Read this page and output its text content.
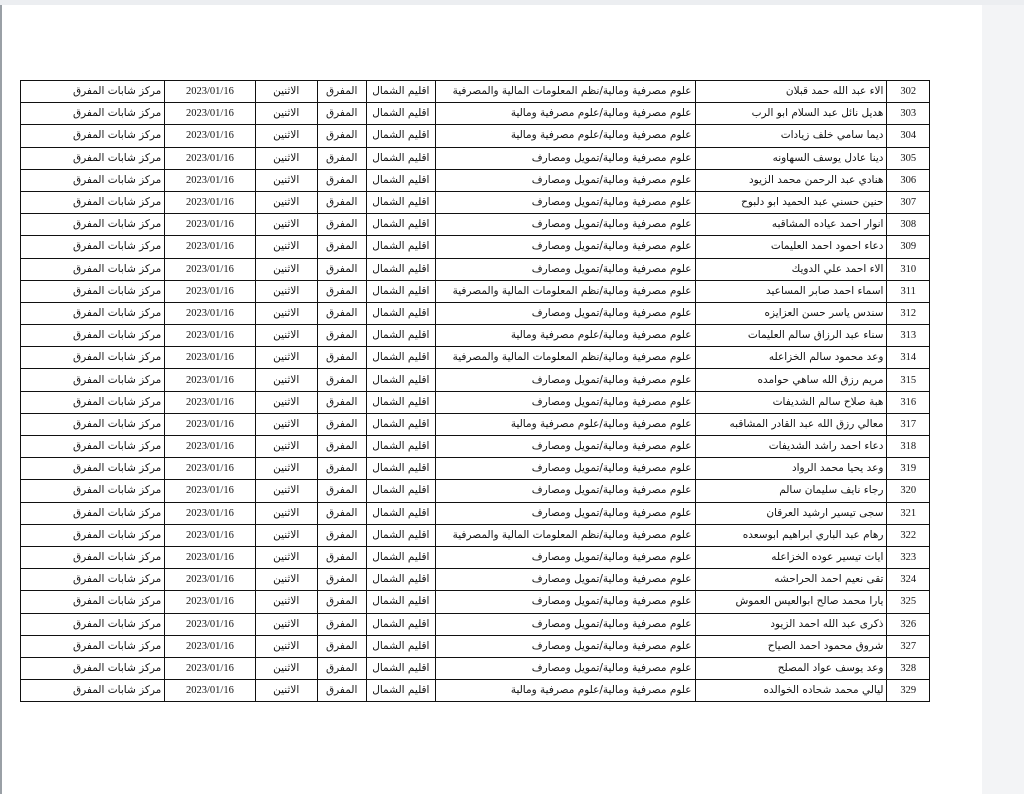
302	الاء عبد الله حمد قبلان	علوم مصرفية ومالية/نظم المعلومات المالية والمصرفية	اقليم الشمال	المفرق	الاثنين	2023/01/16	مركز شابات المفرق
303	هديل نائل عبد السلام ابو الرب	علوم مصرفية ومالية/علوم مصرفية ومالية	اقليم الشمال	المفرق	الاثنين	2023/01/16	مركز شابات المفرق
304	ديما سامي خلف زيادات	علوم مصرفية ومالية/علوم مصرفية ومالية	اقليم الشمال	المفرق	الاثنين	2023/01/16	مركز شابات المفرق
305	دينا عادل يوسف السهاونه	علوم مصرفية ومالية/تمويل ومصارف	اقليم الشمال	المفرق	الاثنين	2023/01/16	مركز شابات المفرق
306	هنادي عبد الرحمن محمد الزيود	علوم مصرفية ومالية/تمويل ومصارف	اقليم الشمال	المفرق	الاثنين	2023/01/16	مركز شابات المفرق
307	حنين حسني عبد الحميد ابو دلبوح	علوم مصرفية ومالية/تمويل ومصارف	اقليم الشمال	المفرق	الاثنين	2023/01/16	مركز شابات المفرق
308	انوار احمد عياده المشاقبه	علوم مصرفية ومالية/تمويل ومصارف	اقليم الشمال	المفرق	الاثنين	2023/01/16	مركز شابات المفرق
309	دعاء احمود احمد العليمات	علوم مصرفية ومالية/تمويل ومصارف	اقليم الشمال	المفرق	الاثنين	2023/01/16	مركز شابات المفرق
310	الاء احمد علي الدويك	علوم مصرفية ومالية/تمويل ومصارف	اقليم الشمال	المفرق	الاثنين	2023/01/16	مركز شابات المفرق
311	اسماء احمد صابر المساعيد	علوم مصرفية ومالية/نظم المعلومات المالية والمصرفية	اقليم الشمال	المفرق	الاثنين	2023/01/16	مركز شابات المفرق
312	سندس ياسر حسن العزايزه	علوم مصرفية ومالية/تمويل ومصارف	اقليم الشمال	المفرق	الاثنين	2023/01/16	مركز شابات المفرق
313	سناء عبد الرزاق سالم العليمات	علوم مصرفية ومالية/علوم مصرفية ومالية	اقليم الشمال	المفرق	الاثنين	2023/01/16	مركز شابات المفرق
314	وعد محمود سالم الخزاعله	علوم مصرفية ومالية/نظم المعلومات المالية والمصرفية	اقليم الشمال	المفرق	الاثنين	2023/01/16	مركز شابات المفرق
315	مريم رزق الله ساهي حوامده	علوم مصرفية ومالية/تمويل ومصارف	اقليم الشمال	المفرق	الاثنين	2023/01/16	مركز شابات المفرق
316	هبة صلاح سالم الشديفات	علوم مصرفية ومالية/تمويل ومصارف	اقليم الشمال	المفرق	الاثنين	2023/01/16	مركز شابات المفرق
317	معالي رزق الله عبد القادر المشاقبه	علوم مصرفية ومالية/علوم مصرفية ومالية	اقليم الشمال	المفرق	الاثنين	2023/01/16	مركز شابات المفرق
318	دعاء احمد راشد الشديفات	علوم مصرفية ومالية/تمويل ومصارف	اقليم الشمال	المفرق	الاثنين	2023/01/16	مركز شابات المفرق
319	وعد يحيا محمد الرواد	علوم مصرفية ومالية/تمويل ومصارف	اقليم الشمال	المفرق	الاثنين	2023/01/16	مركز شابات المفرق
320	رجاء نايف سليمان سالم	علوم مصرفية ومالية/تمويل ومصارف	اقليم الشمال	المفرق	الاثنين	2023/01/16	مركز شابات المفرق
321	سجى تيسير ارشيد العرقان	علوم مصرفية ومالية/تمويل ومصارف	اقليم الشمال	المفرق	الاثنين	2023/01/16	مركز شابات المفرق
322	رهام عبد الباري ابراهيم ابوسعده	علوم مصرفية ومالية/نظم المعلومات المالية والمصرفية	اقليم الشمال	المفرق	الاثنين	2023/01/16	مركز شابات المفرق
323	ايات تيسير عوده الخزاعله	علوم مصرفية ومالية/تمويل ومصارف	اقليم الشمال	المفرق	الاثنين	2023/01/16	مركز شابات المفرق
324	تقى نعيم احمد الحراحشه	علوم مصرفية ومالية/تمويل ومصارف	اقليم الشمال	المفرق	الاثنين	2023/01/16	مركز شابات المفرق
325	يارا محمد صالح ابوالعيس العموش	علوم مصرفية ومالية/تمويل ومصارف	اقليم الشمال	المفرق	الاثنين	2023/01/16	مركز شابات المفرق
326	ذكرى عبد الله احمد الزيود	علوم مصرفية ومالية/تمويل ومصارف	اقليم الشمال	المفرق	الاثنين	2023/01/16	مركز شابات المفرق
327	شروق محمود احمد الصياح	علوم مصرفية ومالية/تمويل ومصارف	اقليم الشمال	المفرق	الاثنين	2023/01/16	مركز شابات المفرق
328	وعد يوسف عواد المصلح	علوم مصرفية ومالية/تمويل ومصارف	اقليم الشمال	المفرق	الاثنين	2023/01/16	مركز شابات المفرق
329	ليالي محمد شحاده الخوالده	علوم مصرفية ومالية/علوم مصرفية ومالية	اقليم الشمال	المفرق	الاثنين	2023/01/16	مركز شابات المفرق
